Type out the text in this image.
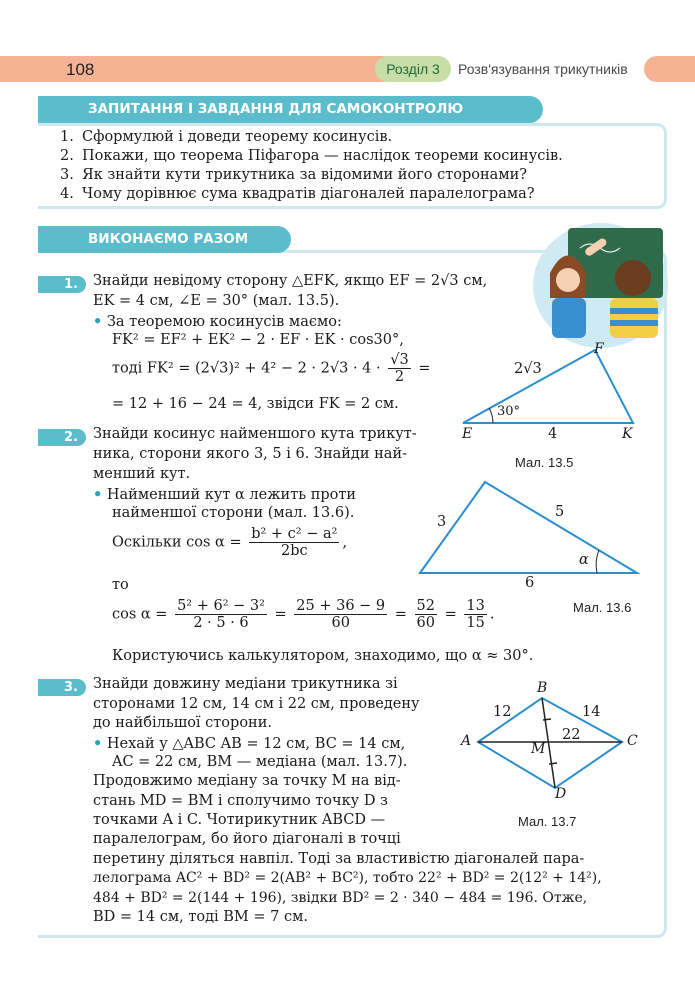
108	Розділ 3	Розв'язування трикутників
ЗАПИТАННЯ І ЗАВДАННЯ ДЛЯ САМОКОНТРОЛЮ
1. Сформулюй і доведи теорему косинусів.
2. Покажи, що теорема Піфагора — наслідок теореми косинусів.
3. Як знайти кути трикутника за відомими його сторонами?
4. Чому дорівнює сума квадратів діагоналей паралелограма?
ВИКОНАЄМО РАЗОМ
1.	Знайди невідому сторону △EFK, якщо EF = 2√3 см,
EK = 4 см, ∠E = 30° (мал. 13.5).
• За теоремою косинусів маємо:
FK² = EF² + EK² − 2 · EF · EK · cos30°,
тоді $FK^2 = (2√3)^2 + 4^2 - 2 \cdot 2√3 \cdot 4 \cdot \frac{√3}{2}$ =
= 12 + 16 − 24 = 4, звідси FK = 2 см.
E
F
K
2√3
4
30°
Мал. 13.5
2.	Знайди косинус найменшого кута трикут-
ника, сторони якого 3, 5 і 6. Знайди най-
менший кут.
• Найменший кут α лежить проти
найменшої сторони (мал. 13.6).
Оскільки $\cos \alpha = \frac{\text{b² + c² − a²}}{2bc}$ ,
то
$\cos \alpha = \frac{\text{5² + 6² − 3²}}{2 \cdot 5 \cdot 6} = \frac{25 + 36 - 9}{60} = \frac{52}{60} = \frac{13}{15}$ .
Користуючись калькулятором, знаходимо, що α ≈ 30°.
3
5
6
α
Мал. 13.6
3.	Знайди довжину медіани трикутника зі
сторонами 12 см, 14 см і 22 см, проведену
до найбільшої сторони.
• Нехай у △ABC AB = 12 см, BC = 14 см,
AC = 22 см, BM — медіана (мал. 13.7).
Продовжимо медіану за точку M на від-
стань MD = BM і сполучимо точку D з
точками A і C. Чотирикутник ABCD —
паралелограм, бо його діагоналі в точці
перетину діляться навпіл. Тоді за властивістю діагоналей пара-
лелограма AC² + BD² = 2(AB² + BC²), тобто 22² + BD² = 2(12² + 14²),
484 + BD² = 2(144 + 196), звідки BD² = 2 · 340 − 484 = 196. Отже,
BD = 14 см, тоді BM = 7 см.
B
A	C
M
D
12	14
22
Мал. 13.7
